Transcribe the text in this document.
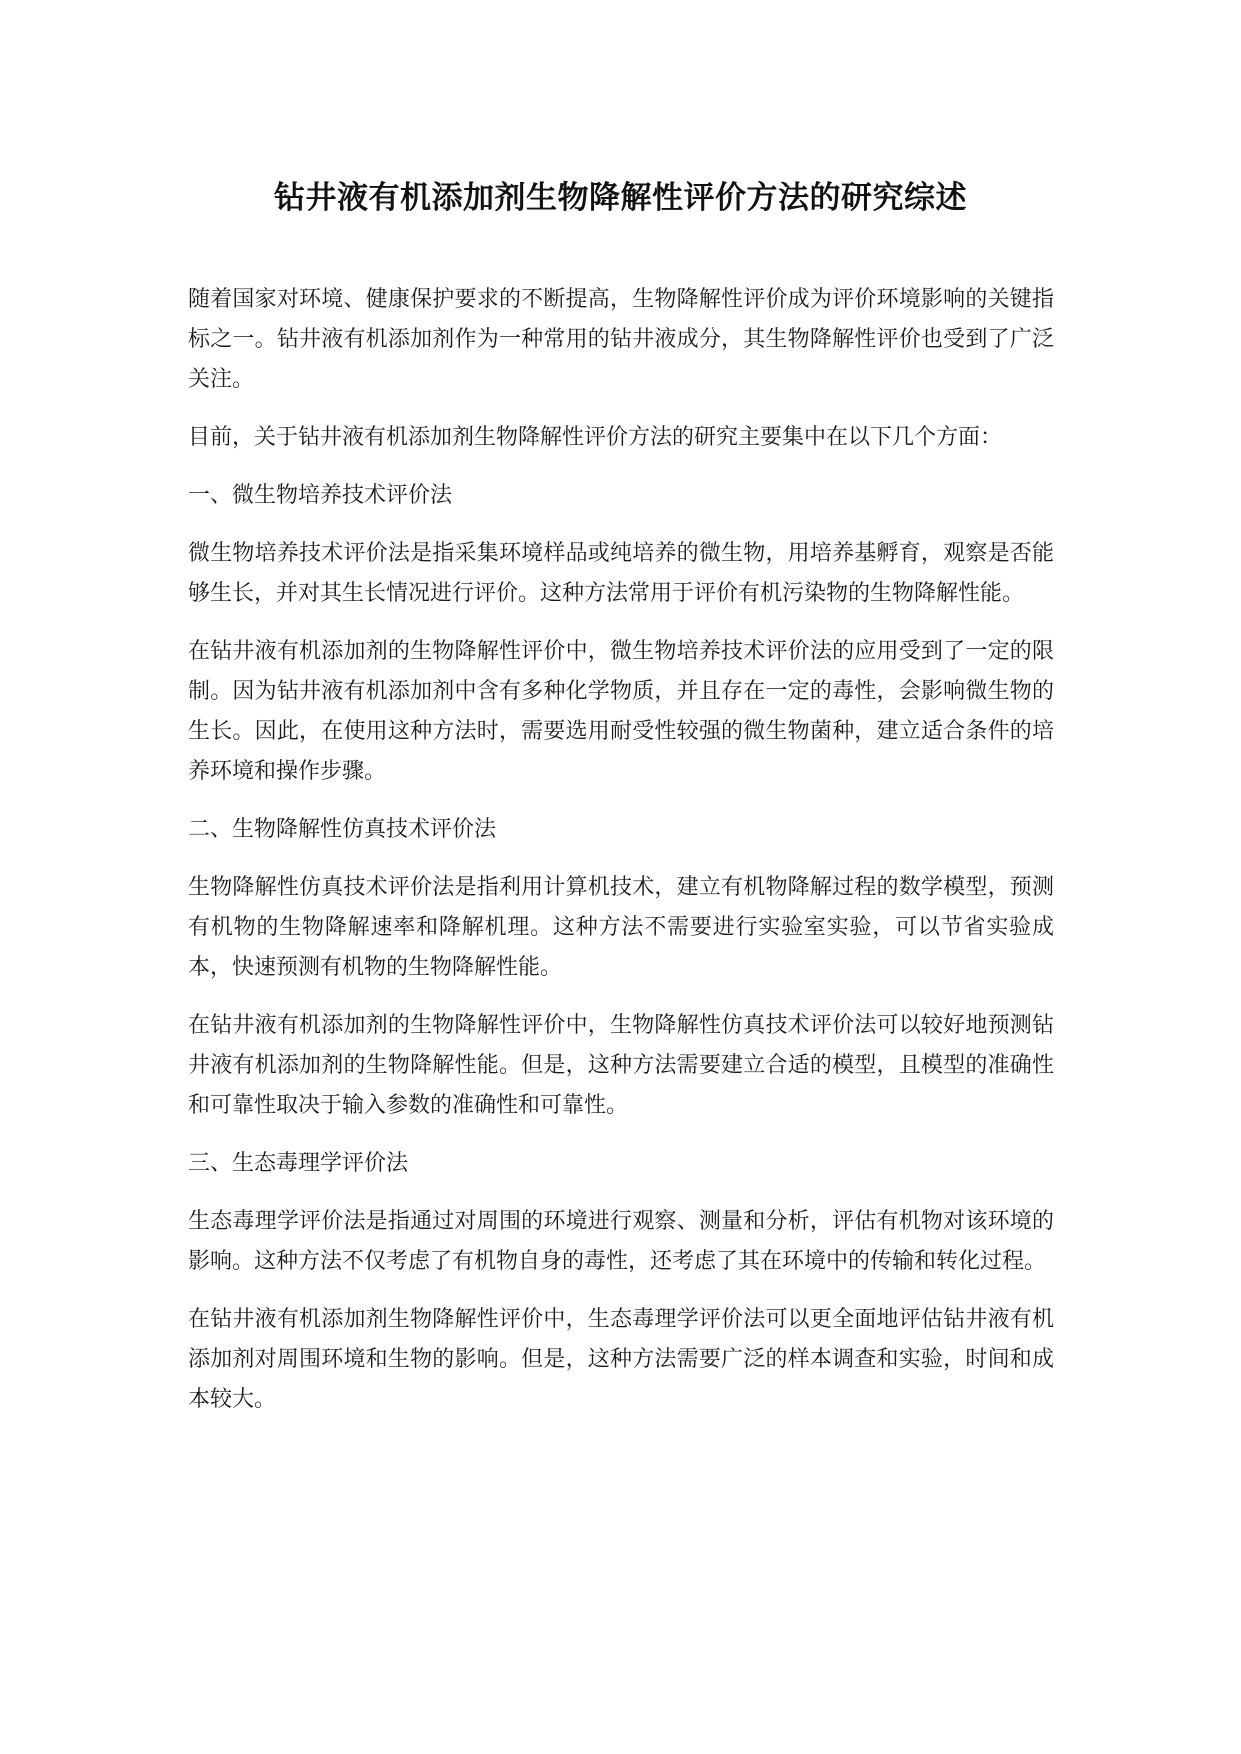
钻井液有机添加剂生物降解性评价方法的研究综述

随着国家对环境、健康保护要求的不断提高，生物降解性评价成为评价环境影响的关键指标之一。钻井液有机添加剂作为一种常用的钻井液成分，其生物降解性评价也受到了广泛关注。

目前，关于钻井液有机添加剂生物降解性评价方法的研究主要集中在以下几个方面：

一、微生物培养技术评价法

微生物培养技术评价法是指采集环境样品或纯培养的微生物，用培养基孵育，观察是否能够生长，并对其生长情况进行评价。这种方法常用于评价有机污染物的生物降解性能。

在钻井液有机添加剂的生物降解性评价中，微生物培养技术评价法的应用受到了一定的限制。因为钻井液有机添加剂中含有多种化学物质，并且存在一定的毒性，会影响微生物的生长。因此，在使用这种方法时，需要选用耐受性较强的微生物菌种，建立适合条件的培养环境和操作步骤。

二、生物降解性仿真技术评价法

生物降解性仿真技术评价法是指利用计算机技术，建立有机物降解过程的数学模型，预测有机物的生物降解速率和降解机理。这种方法不需要进行实验室实验，可以节省实验成本，快速预测有机物的生物降解性能。

在钻井液有机添加剂的生物降解性评价中，生物降解性仿真技术评价法可以较好地预测钻井液有机添加剂的生物降解性能。但是，这种方法需要建立合适的模型，且模型的准确性和可靠性取决于输入参数的准确性和可靠性。

三、生态毒理学评价法

生态毒理学评价法是指通过对周围的环境进行观察、测量和分析，评估有机物对该环境的影响。这种方法不仅考虑了有机物自身的毒性，还考虑了其在环境中的传输和转化过程。

在钻井液有机添加剂生物降解性评价中，生态毒理学评价法可以更全面地评估钻井液有机添加剂对周围环境和生物的影响。但是，这种方法需要广泛的样本调查和实验，时间和成本较大。
